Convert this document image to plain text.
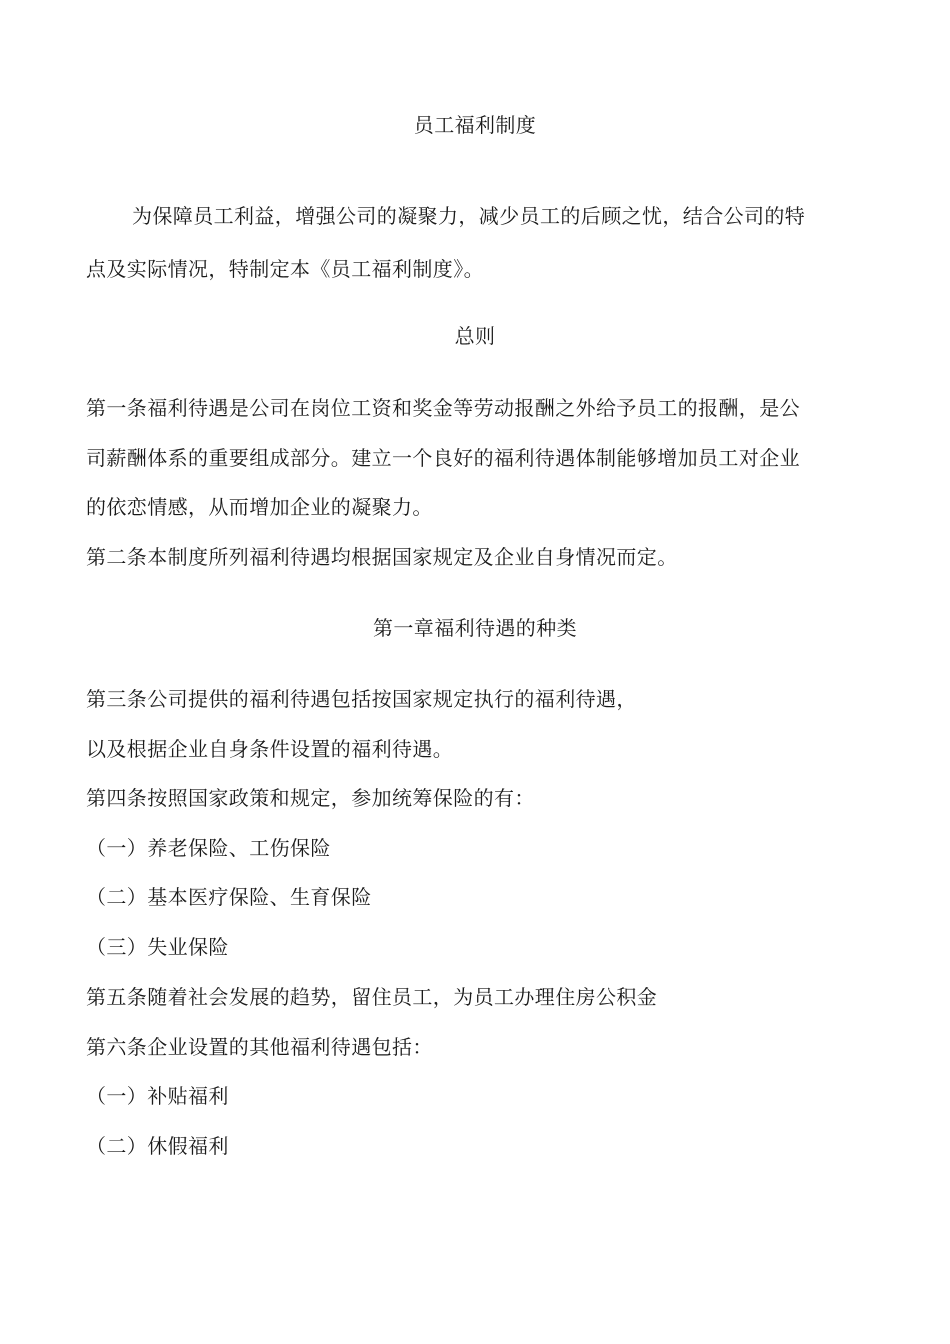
员工福利制度
为保障员工利益，增强公司的凝聚力，减少员工的后顾之忧，结合公司的特
点及实际情况，特制定本《员工福利制度》。
总则
第一条福利待遇是公司在岗位工资和奖金等劳动报酬之外给予员工的报酬，是公
司薪酬体系的重要组成部分。建立一个良好的福利待遇体制能够增加员工对企业
的依恋情感，从而增加企业的凝聚力。
第二条本制度所列福利待遇均根据国家规定及企业自身情况而定。
第一章福利待遇的种类
第三条公司提供的福利待遇包括按国家规定执行的福利待遇，
以及根据企业自身条件设置的福利待遇。
第四条按照国家政策和规定，参加统筹保险的有：
（一）养老保险、工伤保险
（二）基本医疗保险、生育保险
（三）失业保险
第五条随着社会发展的趋势，留住员工，为员工办理住房公积金
第六条企业设置的其他福利待遇包括：
（一）补贴福利
（二）休假福利
